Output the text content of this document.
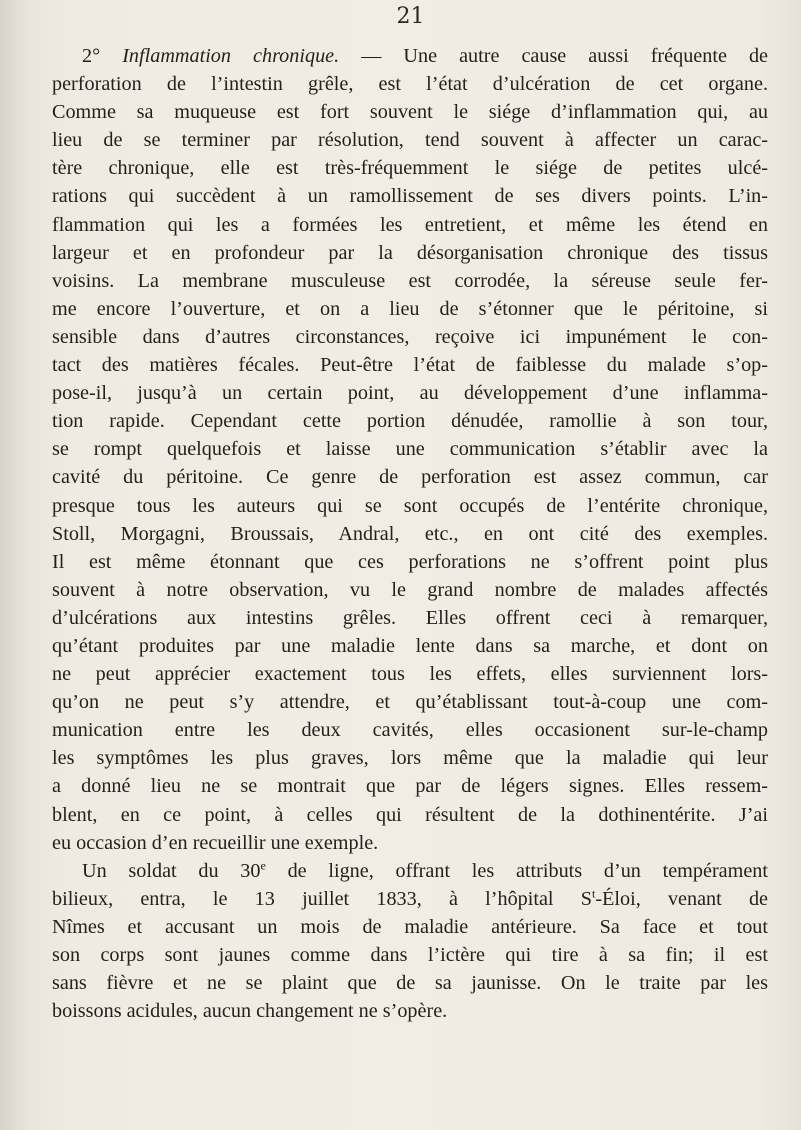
21
2° Inflammation chronique. — Une autre cause aussi fréquente de
perforation de l’intestin grêle, est l’état d’ulcération de cet organe.
Comme sa muqueuse est fort souvent le siége d’inflammation qui, au
lieu de se terminer par résolution, tend souvent à affecter un carac-
tère chronique, elle est très-fréquemment le siége de petites ulcé-
rations qui succèdent à un ramollissement de ses divers points. L’in-
flammation qui les a formées les entretient, et même les étend en
largeur et en profondeur par la désorganisation chronique des tissus
voisins. La membrane musculeuse est corrodée, la séreuse seule fer-
me encore l’ouverture, et on a lieu de s’étonner que le péritoine, si
sensible dans d’autres circonstances, reçoive ici impunément le con-
tact des matières fécales. Peut-être l’état de faiblesse du malade s’op-
pose-il, jusqu’à un certain point, au développement d’une inflamma-
tion rapide. Cependant cette portion dénudée, ramollie à son tour,
se rompt quelquefois et laisse une communication s’établir avec la
cavité du péritoine. Ce genre de perforation est assez commun, car
presque tous les auteurs qui se sont occupés de l’entérite chronique,
Stoll, Morgagni, Broussais, Andral, etc., en ont cité des exemples.
Il est même étonnant que ces perforations ne s’offrent point plus
souvent à notre observation, vu le grand nombre de malades affectés
d’ulcérations aux intestins grêles. Elles offrent ceci à remarquer,
qu’étant produites par une maladie lente dans sa marche, et dont on
ne peut apprécier exactement tous les effets, elles surviennent lors-
qu’on ne peut s’y attendre, et qu’établissant tout-à-coup une com-
munication entre les deux cavités, elles occasionent sur-le-champ
les symptômes les plus graves, lors même que la maladie qui leur
a donné lieu ne se montrait que par de légers signes. Elles ressem-
blent, en ce point, à celles qui résultent de la dothinentérite. J’ai
eu occasion d’en recueillir une exemple.
Un soldat du 30e de ligne, offrant les attributs d’un tempérament
bilieux, entra, le 13 juillet 1833, à l’hôpital $S^t$-Éloi, venant de
Nîmes et accusant un mois de maladie antérieure. Sa face et tout
son corps sont jaunes comme dans l’ictère qui tire à sa fin; il est
sans fièvre et ne se plaint que de sa jaunisse. On le traite par les
boissons acidules, aucun changement ne s’opère.
